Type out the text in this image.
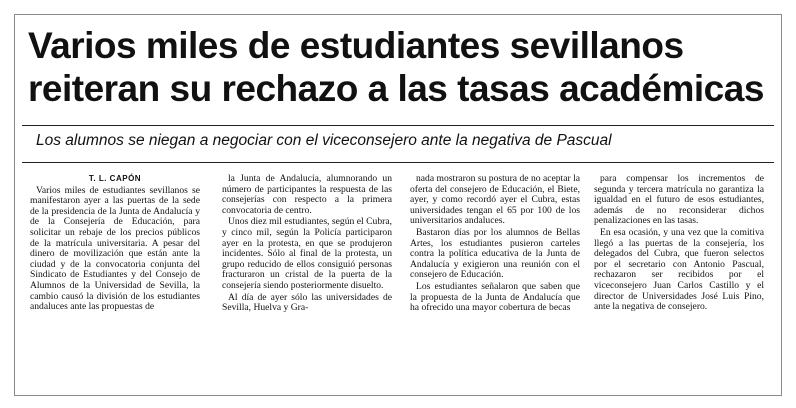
Varios miles de estudiantes sevillanos
reiteran su rechazo a las tasas académicas
Los alumnos se niegan a negociar con el viceconsejero ante la negativa de Pascual

T. L. CAPÓN

Varios miles de estudiantes sevillanos se manifestaron ayer a las puertas de la sede de la presidencia de la Junta de Andalucía y de la Consejería de Educación, para solicitar un rebaje de los precios públicos de la matrícula universitaria. A pesar del dinero de movilización que están ante la ciudad y de la convocatoria conjunta del Sindicato de Estudiantes y del Consejo de Alumnos de la Universidad de Sevilla, la cambio causó la división de los estudiantes andaluces ante las propuestas de

la Junta de Andalucía, alumnorando un número de participantes la respuesta de las consejerías con respecto a la primera convocatoria de centro.

Unos diez mil estudiantes, según el Cubra, y cinco mil, según la Policía participaron ayer en la protesta, en que se produjeron incidentes. Sólo al final de la protesta, un grupo reducido de ellos consiguió personas fracturaron un cristal de la puerta de la consejería siendo posteriormente disuelto.

Al día de ayer sólo las universidades de Sevilla, Huelva y Gra-

nada mostraron su postura de no aceptar la oferta del consejero de Educación, el Biete, ayer, y como recordó ayer el Cubra, estas universidades tengan el 65 por 100 de los universitarios andaluces.

Bastaron días por los alumnos de Bellas Artes, los estudiantes pusieron carteles contra la política educativa de la Junta de Andalucía y exigieron una reunión con el consejero de Educación.

Los estudiantes señalaron que saben que la propuesta de la Junta de Andalucía que ha ofrecido una mayor cobertura de becas

para compensar los incrementos de segunda y tercera matrícula no garantiza la igualdad en el futuro de esos estudiantes, además de no reconsiderar dichos penalizaciones en las tasas.

En esa ocasión, y una vez que la comitiva llegó a las puertas de la consejería, los delegados del Cubra, que fueron selectos por el secretario con Antonio Pascual, rechazaron ser recibidos por el viceconsejero Juan Carlos Castillo y el director de Universidades José Luis Pino, ante la negativa de consejero.
